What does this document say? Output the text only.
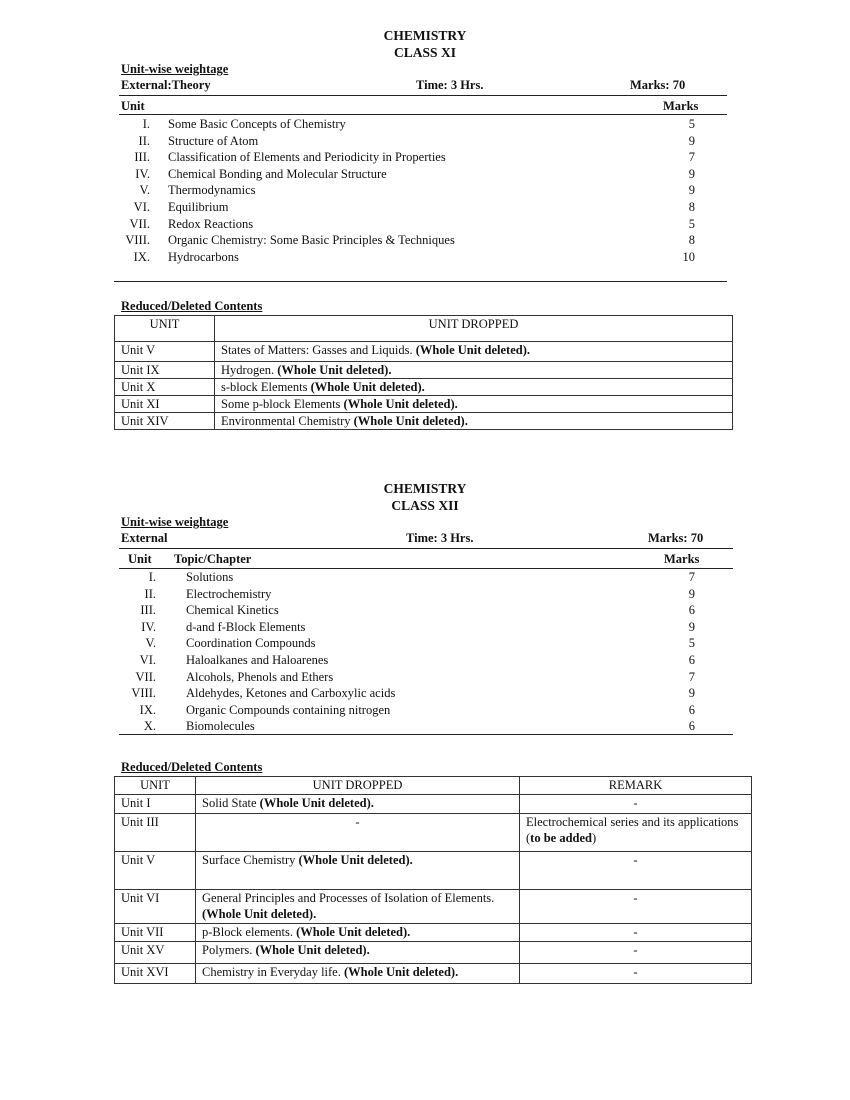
CHEMISTRY
CLASS XI
Unit-wise weightage
External:Theory	Time: 3 Hrs.	Marks: 70
Unit	Marks
I. Some Basic Concepts of Chemistry	5
II. Structure of Atom	9
III. Classification of Elements and Periodicity in Properties	7
IV. Chemical Bonding and Molecular Structure	9
V. Thermodynamics	9
VI. Equilibrium	8
VII. Redox Reactions	5
VIII. Organic Chemistry: Some Basic Principles & Techniques	8
IX. Hydrocarbons	10
Reduced/Deleted Contents
UNIT	UNIT DROPPED
Unit V	States of Matters: Gasses and Liquids. (Whole Unit deleted).
Unit IX	Hydrogen. (Whole Unit deleted).
Unit X	s-block Elements (Whole Unit deleted).
Unit XI	Some p-block Elements (Whole Unit deleted).
Unit XIV	Environmental Chemistry (Whole Unit deleted).
CHEMISTRY
CLASS XII
Unit-wise weightage
External	Time: 3 Hrs.	Marks: 70
Unit Topic/Chapter	Marks
I. Solutions	7
II. Electrochemistry	9
III. Chemical Kinetics	6
IV. d-and f-Block Elements	9
V. Coordination Compounds	5
VI. Haloalkanes and Haloarenes	6
VII. Alcohols, Phenols and Ethers	7
VIII. Aldehydes, Ketones and Carboxylic acids	9
IX. Organic Compounds containing nitrogen	6
X. Biomolecules	6
Reduced/Deleted Contents
UNIT	UNIT DROPPED	REMARK
Unit I	Solid State (Whole Unit deleted).	-
Unit III	-	Electrochemical series and its applications (to be added)
Unit V	Surface Chemistry (Whole Unit deleted).	-
Unit VI	General Principles and Processes of Isolation of Elements. (Whole Unit deleted).	-
Unit VII	p-Block elements. (Whole Unit deleted).	-
Unit XV	Polymers. (Whole Unit deleted).	-
Unit XVI	Chemistry in Everyday life. (Whole Unit deleted).	-
